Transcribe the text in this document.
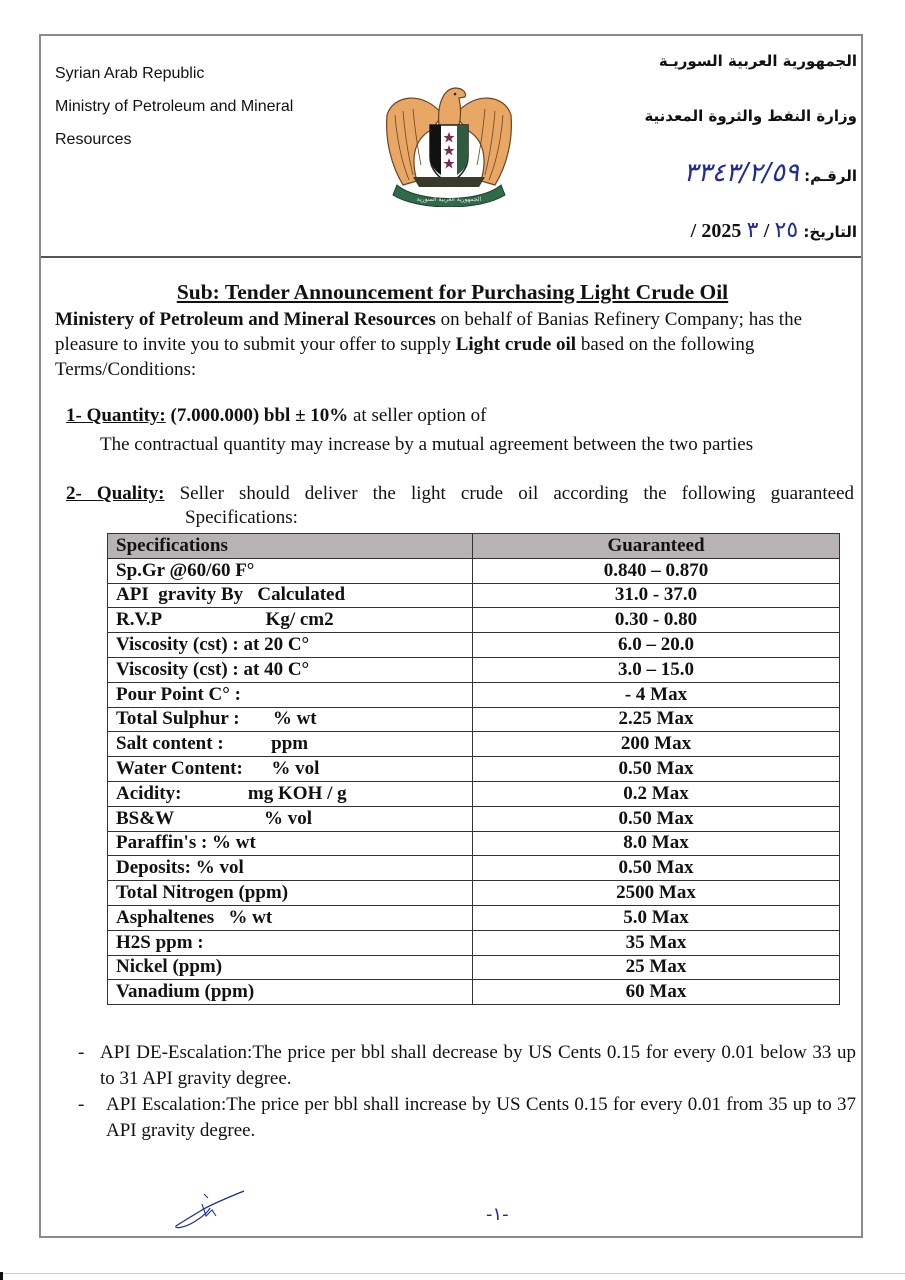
Syrian Arab Republic
Ministry of Petroleum and Mineral
Resources
الجمهورية العربية السورية
الجمهورية العربية السوريـة
وزارة النفط والثروة المعدنية
الرقـم: ٣٣٤٣/٢/٥٩
التاريخ: ٢٥ / ٣ / 2025
Sub: Tender Announcement for Purchasing Light Crude Oil
Ministery of Petroleum and Mineral Resources on behalf of Banias Refinery Company; has the pleasure to invite you to submit your offer to supply Light crude oil based on the following Terms/Conditions:
1- Quantity: (7.000.000) bbl ± 10% at seller option of
The contractual quantity may increase by a mutual agreement between the two parties
2- Quality: Seller should deliver the light crude oil according the following guaranteed
Specifications:
Specifications	Guaranteed
Sp.Gr @60/60 F°	0.840 – 0.870
API  gravity By   Calculated	31.0 - 37.0
R.V.P                      Kg/ cm2	0.30 - 0.80
Viscosity (cst) : at 20 C°	6.0 – 20.0
Viscosity (cst) : at 40 C°	3.0 – 15.0
Pour Point C° :	- 4 Max
Total Sulphur :       % wt	2.25 Max
Salt content :          ppm	200 Max
Water Content:      % vol	0.50 Max
Acidity:              mg KOH / g	0.2 Max
BS&W                   % vol	0.50 Max
Paraffin's : % wt	8.0 Max
Deposits: % vol	0.50 Max
Total Nitrogen (ppm)	2500 Max
Asphaltenes   % wt	5.0 Max
H2S ppm :	35 Max
Nickel (ppm)	25 Max
Vanadium (ppm)	60 Max
- API DE-Escalation:The price per bbl shall decrease by US Cents 0.15 for every 0.01 below 33 up to 31 API gravity degree.
- API Escalation:The price per bbl shall increase by US Cents 0.15 for every 0.01 from 35 up to 37 API gravity degree.
-١-
